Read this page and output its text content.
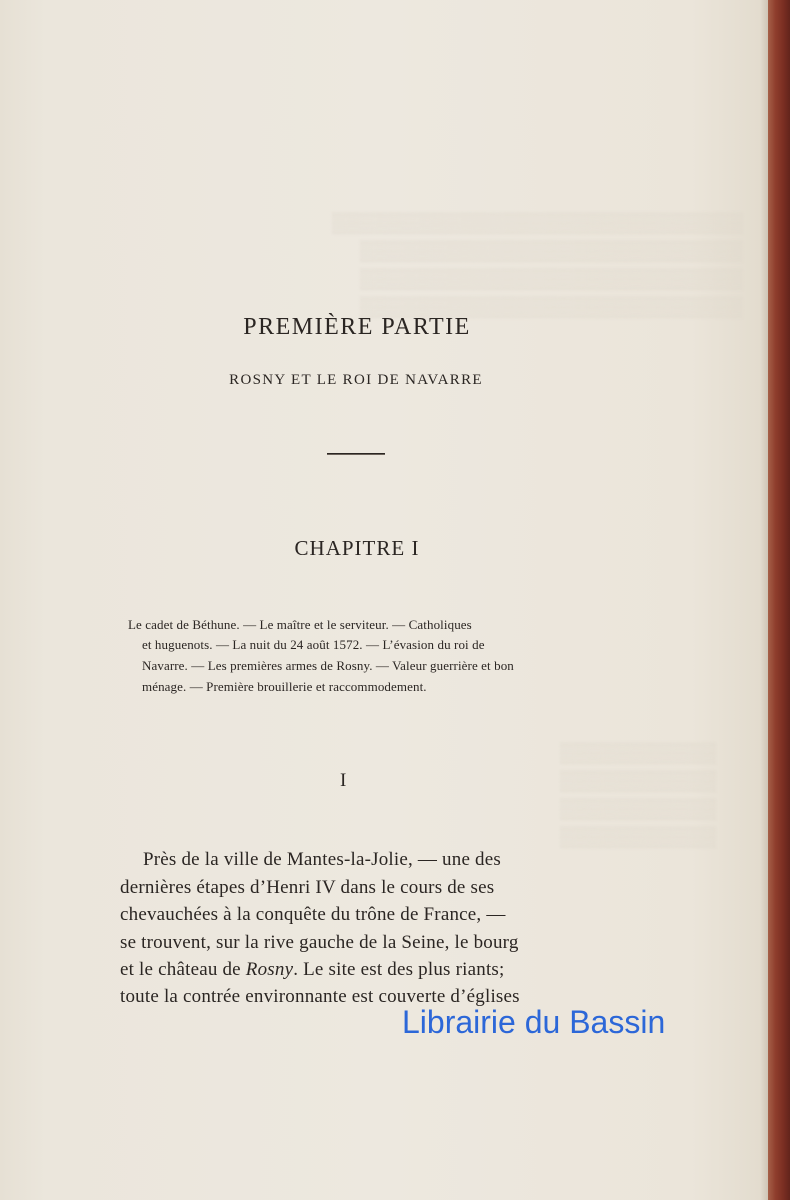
▒▒▒▒▒▒▒▒▒▒▒▒▒▒▒▒▒▒▒▒▒▒▒▒▒▒▒▒▒
▒▒▒▒▒▒▒▒▒▒▒▒▒▒▒▒▒▒▒▒▒▒▒▒▒▒▒
▒▒▒▒▒▒▒▒▒▒▒▒▒▒▒▒▒▒▒▒▒▒▒▒▒▒▒
▒▒▒▒▒▒▒▒▒▒▒▒▒▒▒▒▒▒▒▒▒▒▒▒▒▒▒
▒▒▒▒▒▒▒▒▒▒▒
▒▒▒▒▒▒▒▒▒▒▒
▒▒▒▒▒▒▒▒▒▒▒
▒▒▒▒▒▒▒▒▒▒▒
PREMIÈRE PARTIE
ROSNY ET LE ROI DE NAVARRE
CHAPITRE I
Le cadet de Béthune. — Le maître et le serviteur. — Catholiques
et huguenots. — La nuit du 24 août 1572. — L’évasion du roi de
Navarre. — Les premières armes de Rosny. — Valeur guerrière et bon
ménage. — Première brouillerie et raccommodement.
I
Près de la ville de Mantes-la-Jolie, — une des
dernières étapes d’Henri IV dans le cours de ses
chevauchées à la conquête du trône de France, —
se trouvent, sur la rive gauche de la Seine, le bourg
et le château de Rosny. Le site est des plus riants;
toute la contrée environnante est couverte d’églises
Librairie du Bassin
